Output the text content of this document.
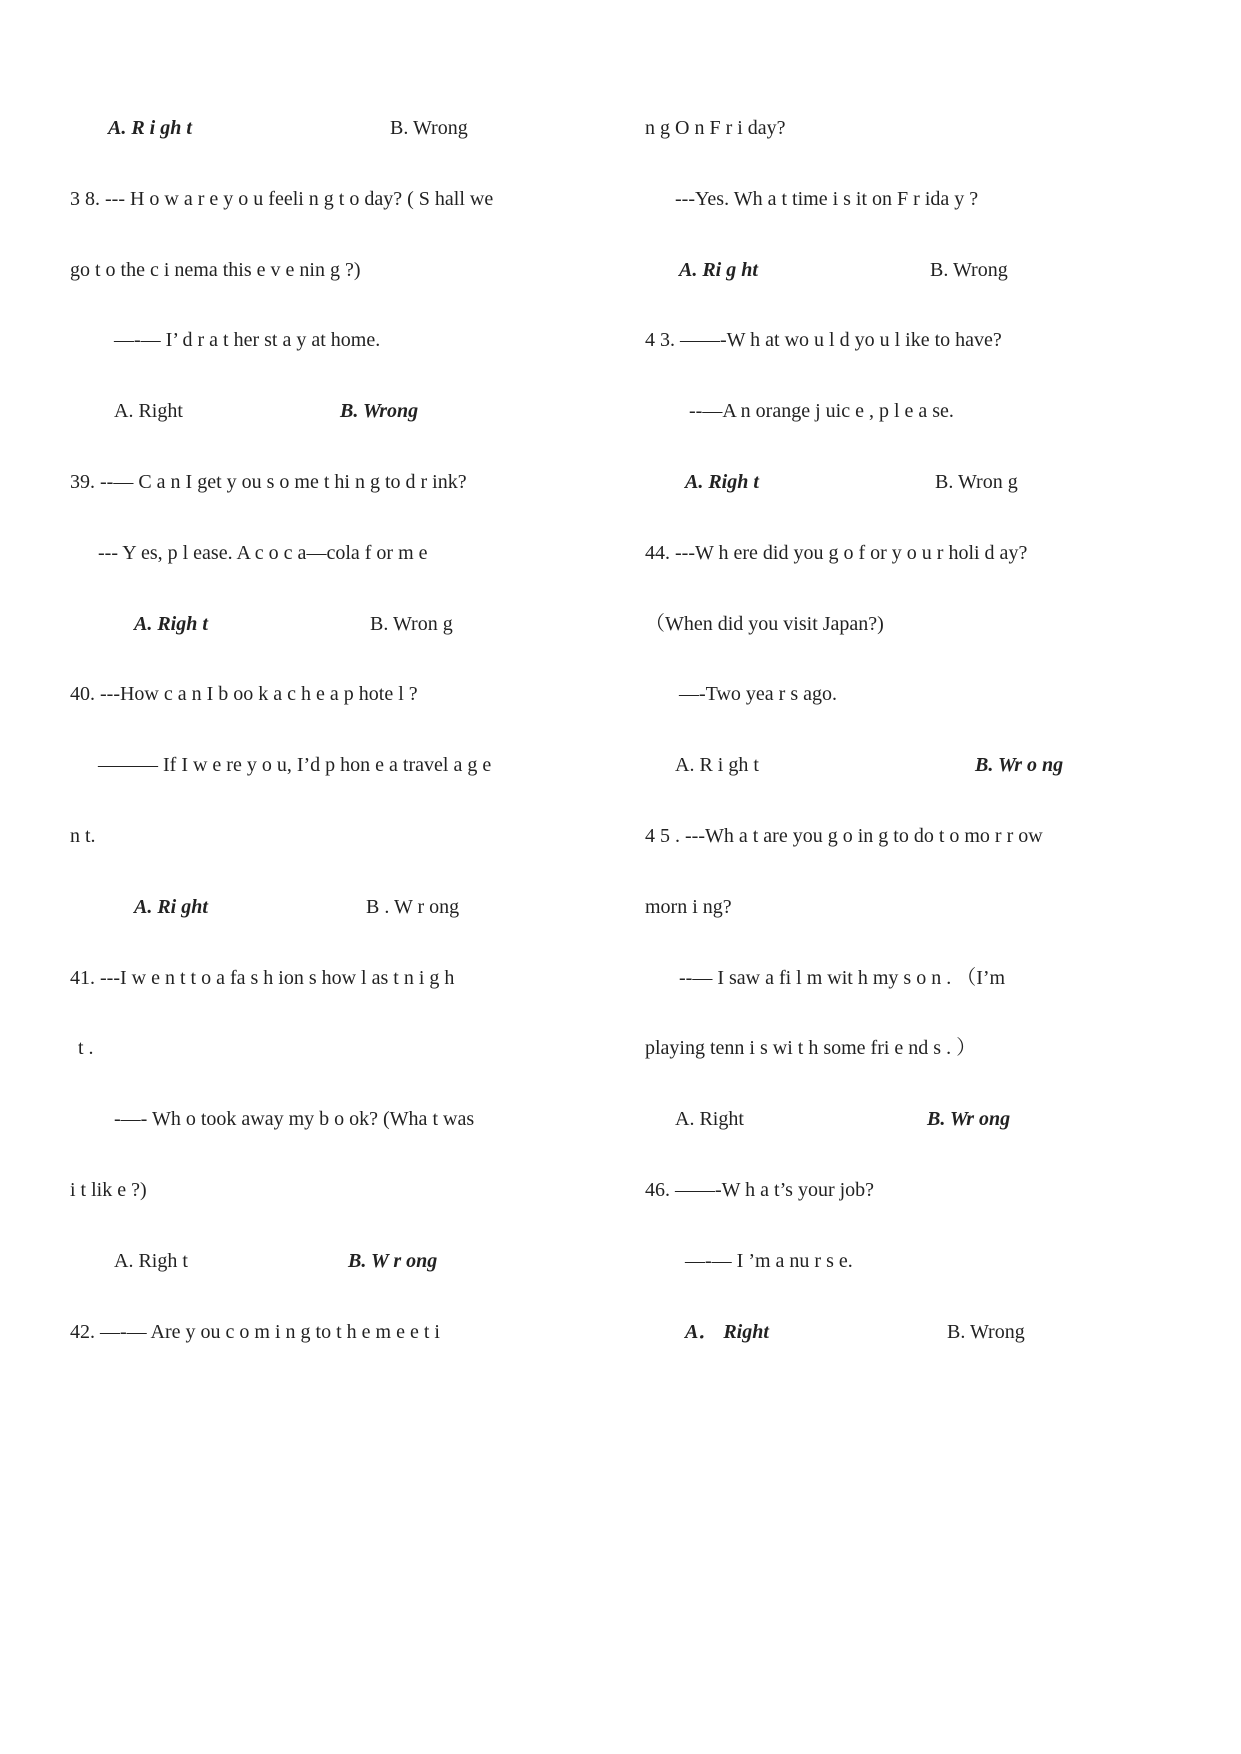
A. R i gh t	B. Wrong
3 8. --- H o w a r e y o u feeli n g t o day? ( S hall we
go t o the c i nema this e v e nin g ?)
—-— I’ d r a t her st a y at home.
A. Right	B. Wrong
39. --— C a n I get y ou s o me t hi n g to d r ink?
--- Y es, p l ease. A c o c a—cola f or m e
A. Righ t	B. Wron g
40. ---How c a n I b oo k a c h e a p hote l ?
——— If I w e re y o u, I’d p hon e a travel a g e
n t.
A. Ri ght	B . W r ong
41. ---I w e n t t o a fa s h ion s how l as t n i g h
t .
-—- Wh o took away my b o ok? (Wha t was
i t lik e ?)
A. Righ t	B. W r ong
42. —-— Are y ou c o m i n g to t h e m e e t i
n g O n F r i day?
---Yes. Wh a t time i s it on F r ida y ?
A. Ri g ht	B. Wrong
4 3. ——-W h at wo u l d yo u l ike to have?
--—A n orange j uic e , p l e a se.
A. Righ t	B. Wron g
44. ---W h ere did you g o f or y o u r holi d ay?
（When did you visit Japan?)
—-Two yea r s ago.
A. R i gh t	B. Wr o ng
4 5 . ---Wh a t are you g o in g to do t o mo r r ow
morn i ng?
--— I saw a fi l m wit h my s o n . （I’m
playing tenn i s wi t h some fri e nd s . ）
A. Right	B. Wr ong
46. ——-W h a t’s your job?
—-— I ’m a nu r s e.
A． Right	B. Wrong
